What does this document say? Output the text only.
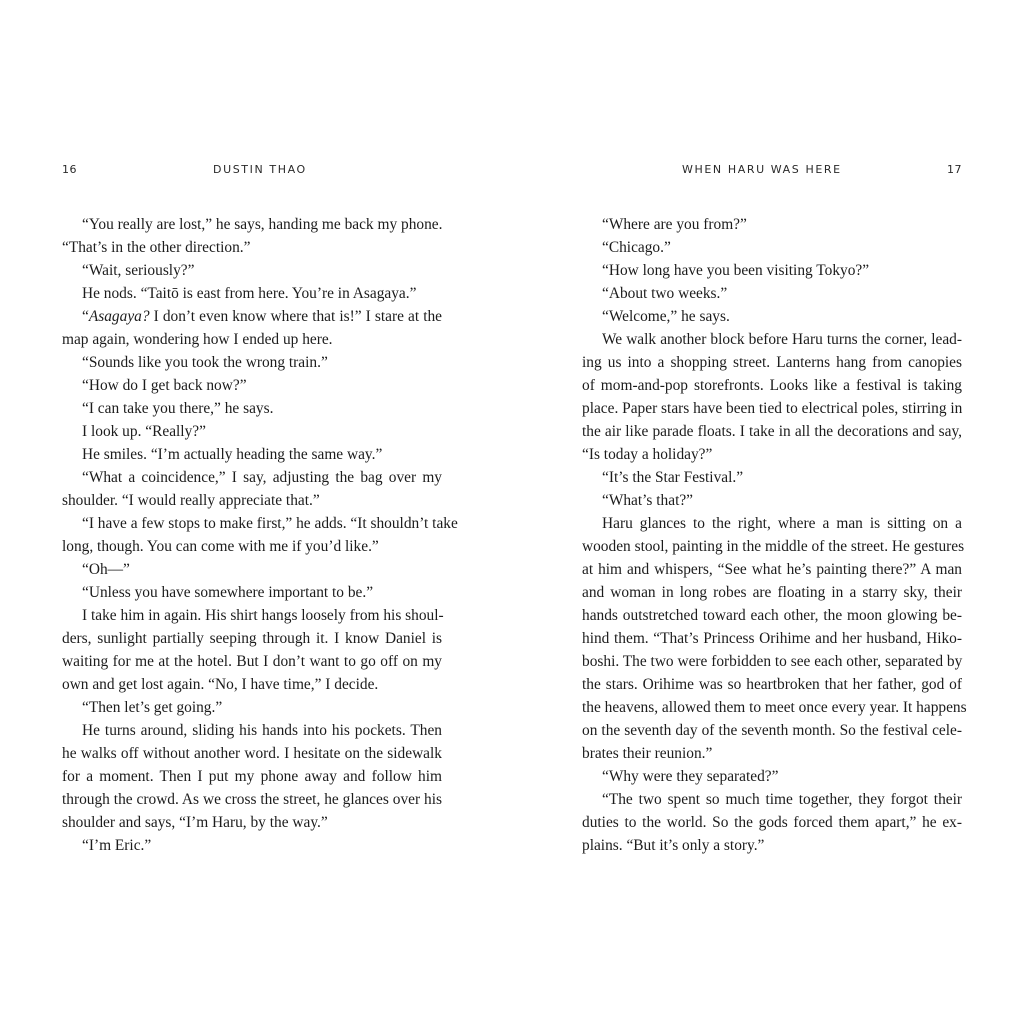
16	DUSTIN THAO
“You really are lost,” he says, handing me back my phone.
“That’s in the other direction.”
“Wait, seriously?”
He nods. “Taitō is east from here. You’re in Asagaya.”
“Asagaya? I don’t even know where that is!” I stare at the
map again, wondering how I ended up here.
“Sounds like you took the wrong train.”
“How do I get back now?”
“I can take you there,” he says.
I look up. “Really?”
He smiles. “I’m actually heading the same way.”
“What a coincidence,” I say, adjusting the bag over my
shoulder. “I would really appreciate that.”
“I have a few stops to make first,” he adds. “It shouldn’t take
long, though. You can come with me if you’d like.”
“Oh—”
“Unless you have somewhere important to be.”
I take him in again. His shirt hangs loosely from his shoul-
ders, sunlight partially seeping through it. I know Daniel is
waiting for me at the hotel. But I don’t want to go off on my
own and get lost again. “No, I have time,” I decide.
“Then let’s get going.”
He turns around, sliding his hands into his pockets. Then
he walks off without another word. I hesitate on the sidewalk
for a moment. Then I put my phone away and follow him
through the crowd. As we cross the street, he glances over his
shoulder and says, “I’m Haru, by the way.”
“I’m Eric.”
WHEN HARU WAS HERE	17
“Where are you from?”
“Chicago.”
“How long have you been visiting Tokyo?”
“About two weeks.”
“Welcome,” he says.
We walk another block before Haru turns the corner, lead-
ing us into a shopping street. Lanterns hang from canopies
of mom-and-pop storefronts. Looks like a festival is taking
place. Paper stars have been tied to electrical poles, stirring in
the air like parade floats. I take in all the decorations and say,
“Is today a holiday?”
“It’s the Star Festival.”
“What’s that?”
Haru glances to the right, where a man is sitting on a
wooden stool, painting in the middle of the street. He gestures
at him and whispers, “See what he’s painting there?” A man
and woman in long robes are floating in a starry sky, their
hands outstretched toward each other, the moon glowing be-
hind them. “That’s Princess Orihime and her husband, Hiko-
boshi. The two were forbidden to see each other, separated by
the stars. Orihime was so heartbroken that her father, god of
the heavens, allowed them to meet once every year. It happens
on the seventh day of the seventh month. So the festival cele-
brates their reunion.”
“Why were they separated?”
“The two spent so much time together, they forgot their
duties to the world. So the gods forced them apart,” he ex-
plains. “But it’s only a story.”
